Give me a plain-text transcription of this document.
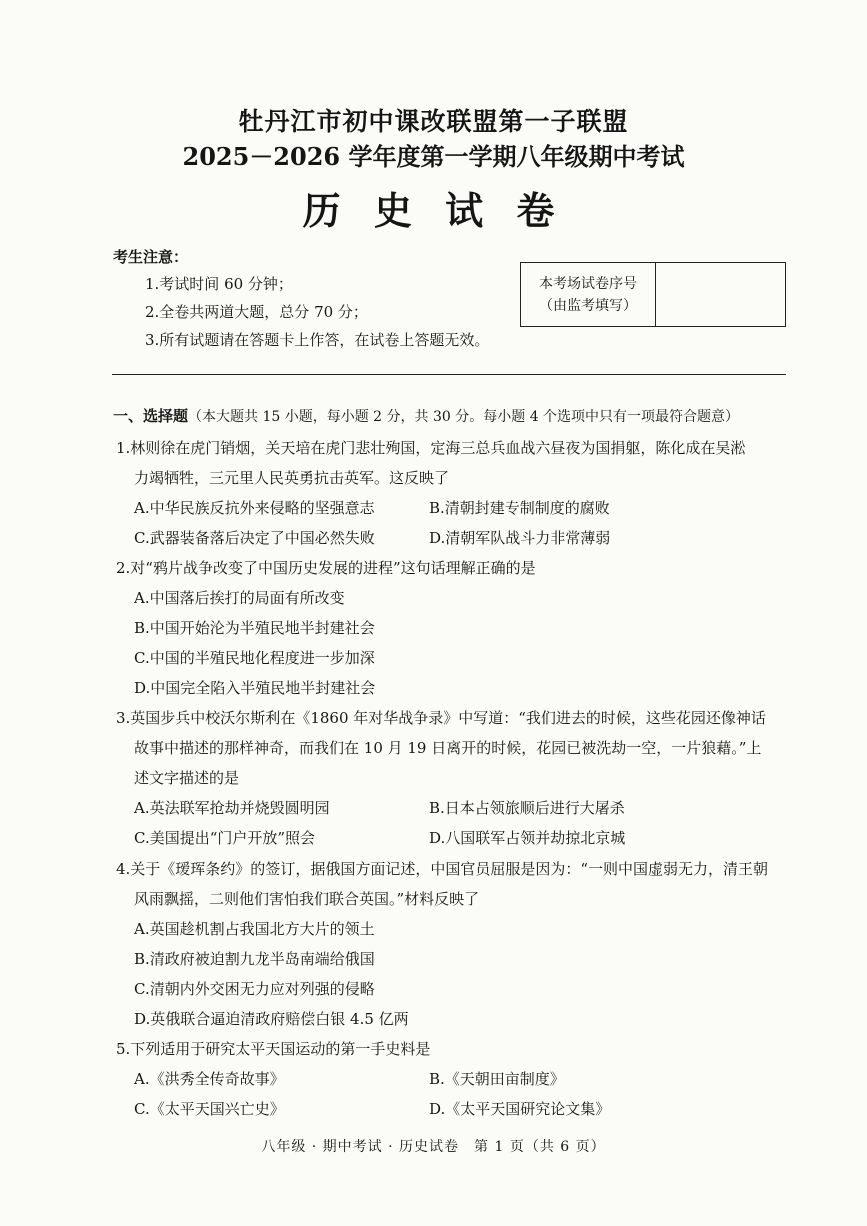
牡丹江市初中课改联盟第一子联盟
2025－2026 学年度第一学期八年级期中考试
历 史 试 卷
考生注意：
1.考试时间 60 分钟；
2.全卷共两道大题，总分 70 分；
3.所有试题请在答题卡上作答，在试卷上答题无效。
本考场试卷序号
（由监考填写）
一、选择题（本大题共 15 小题，每小题 2 分，共 30 分。每小题 4 个选项中只有一项最符合题意）
1.林则徐在虎门销烟，关天培在虎门悲壮殉国，定海三总兵血战六昼夜为国捐躯，陈化成在吴淞
力竭牺牲，三元里人民英勇抗击英军。这反映了
A.中华民族反抗外来侵略的坚强意志	B.清朝封建专制制度的腐败
C.武器装备落后决定了中国必然失败	D.清朝军队战斗力非常薄弱
2.对“鸦片战争改变了中国历史发展的进程”这句话理解正确的是
A.中国落后挨打的局面有所改变
B.中国开始沦为半殖民地半封建社会
C.中国的半殖民地化程度进一步加深
D.中国完全陷入半殖民地半封建社会
3.英国步兵中校沃尔斯利在《1860 年对华战争录》中写道：“我们进去的时候，这些花园还像神话
故事中描述的那样神奇，而我们在 10 月 19 日离开的时候，花园已被洗劫一空，一片狼藉。”上
述文字描述的是
A.英法联军抢劫并烧毁圆明园	B.日本占领旅顺后进行大屠杀
C.美国提出“门户开放”照会	D.八国联军占领并劫掠北京城
4.关于《瑷珲条约》的签订，据俄国方面记述，中国官员屈服是因为：“一则中国虚弱无力，清王朝
风雨飘摇，二则他们害怕我们联合英国。”材料反映了
A.英国趁机割占我国北方大片的领土
B.清政府被迫割九龙半岛南端给俄国
C.清朝内外交困无力应对列强的侵略
D.英俄联合逼迫清政府赔偿白银 4.5 亿两
5.下列适用于研究太平天国运动的第一手史料是
A.《洪秀全传奇故事》	B.《天朝田亩制度》
C.《太平天国兴亡史》	D.《太平天国研究论文集》
八年级 · 期中考试 · 历史试卷　第 1 页（共 6 页）
